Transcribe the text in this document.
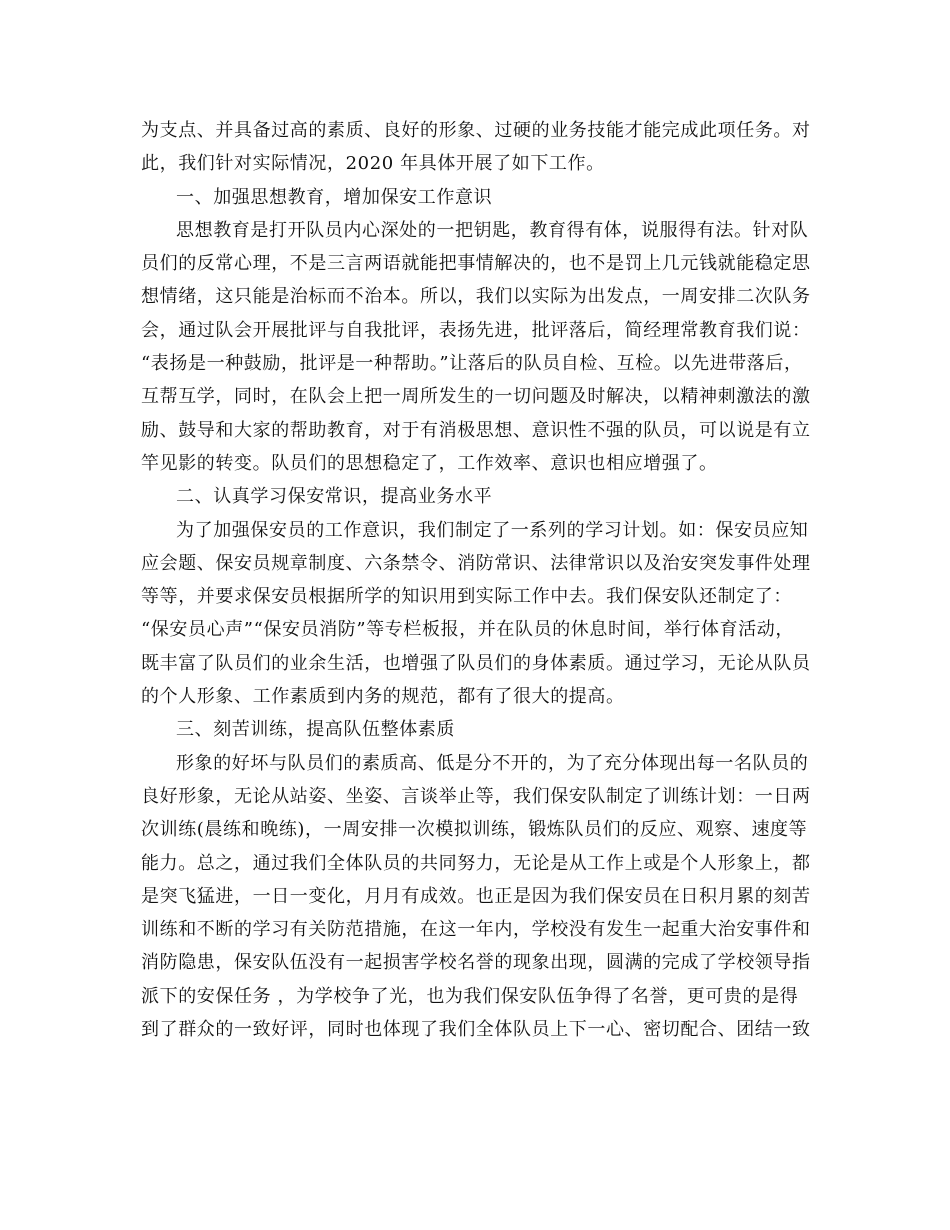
为支点、并具备过高的素质、良好的形象、过硬的业务技能才能完成此项任务。对
此，我们针对实际情况，2020 年具体开展了如下工作。
一、加强思想教育，增加保安工作意识
思想教育是打开队员内心深处的一把钥匙，教育得有体，说服得有法。针对队
员们的反常心理，不是三言两语就能把事情解决的，也不是罚上几元钱就能稳定思
想情绪，这只能是治标而不治本。所以，我们以实际为出发点，一周安排二次队务
会，通过队会开展批评与自我批评，表扬先进，批评落后，简经理常教育我们说：
“表扬是一种鼓励，批评是一种帮助。”让落后的队员自检、互检。以先进带落后，
互帮互学，同时，在队会上把一周所发生的一切问题及时解决，以精神刺激法的激
励、鼓导和大家的帮助教育，对于有消极思想、意识性不强的队员，可以说是有立
竿见影的转变。队员们的思想稳定了，工作效率、意识也相应增强了。
二、认真学习保安常识，提高业务水平
为了加强保安员的工作意识，我们制定了一系列的学习计划。如：保安员应知
应会题、保安员规章制度、六条禁令、消防常识、法律常识以及治安突发事件处理
等等，并要求保安员根据所学的知识用到实际工作中去。我们保安队还制定了：
“保安员心声”“保安员消防”等专栏板报，并在队员的休息时间，举行体育活动，
既丰富了队员们的业余生活，也增强了队员们的身体素质。通过学习，无论从队员
的个人形象、工作素质到内务的规范，都有了很大的提高。
三、刻苦训练，提高队伍整体素质
形象的好坏与队员们的素质高、低是分不开的，为了充分体现出每一名队员的
良好形象，无论从站姿、坐姿、言谈举止等，我们保安队制定了训练计划：一日两
次训练(晨练和晚练)，一周安排一次模拟训练，锻炼队员们的反应、观察、速度等
能力。总之，通过我们全体队员的共同努力，无论是从工作上或是个人形象上，都
是突飞猛进，一日一变化，月月有成效。也正是因为我们保安员在日积月累的刻苦
训练和不断的学习有关防范措施，在这一年内，学校没有发生一起重大治安事件和
消防隐患，保安队伍没有一起损害学校名誉的现象出现，圆满的完成了学校领导指
派下的安保任务 ，为学校争了光，也为我们保安队伍争得了名誉，更可贵的是得
到了群众的一致好评，同时也体现了我们全体队员上下一心、密切配合、团结一致
